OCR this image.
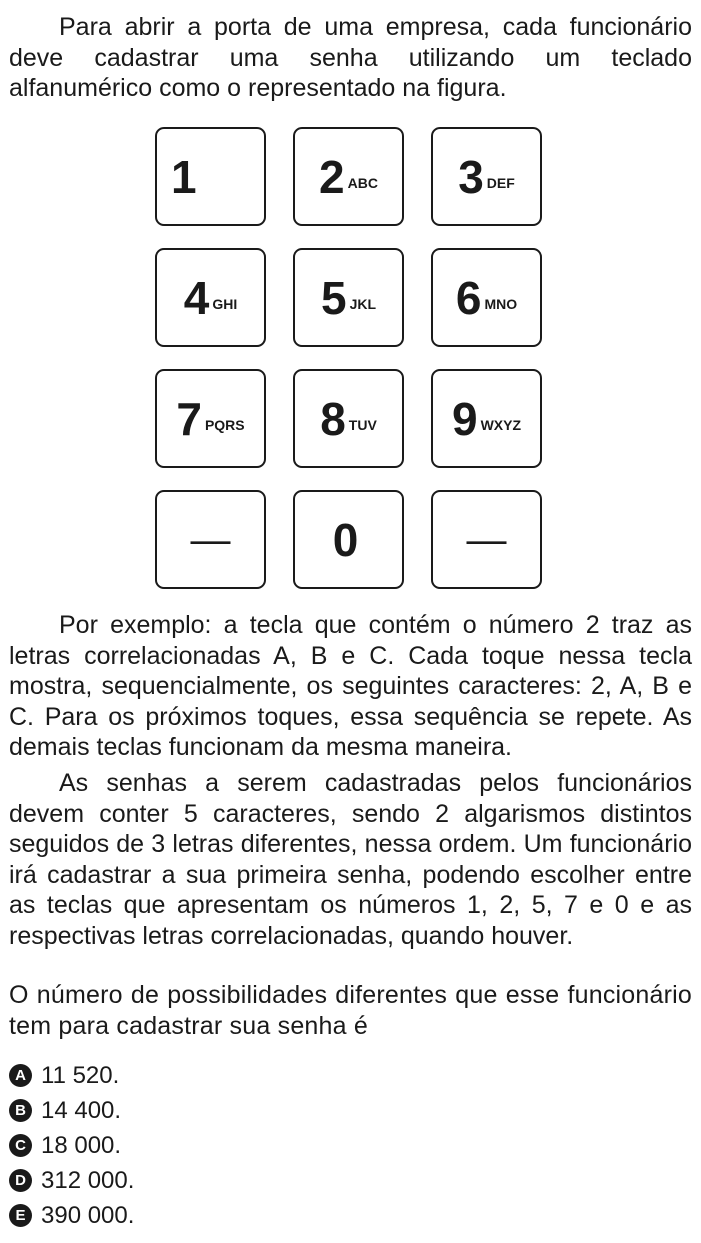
Para abrir a porta de uma empresa, cada funcionário deve cadastrar uma senha utilizando um teclado alfanumérico como o representado na figura.

1	2 ABC 3 DEF
4 GHI 5 JKL 6 MNO
7 PQRS 8 TUV 9 WXYZ
— 0	—

Por exemplo: a tecla que contém o número 2 traz as letras correlacionadas A, B e C. Cada toque nessa tecla mostra, sequencialmente, os seguintes caracteres: 2, A, B e C. Para os próximos toques, essa sequência se repete. As demais teclas funcionam da mesma maneira.

As senhas a serem cadastradas pelos funcionários devem conter 5 caracteres, sendo 2 algarismos distintos seguidos de 3 letras diferentes, nessa ordem. Um funcionário irá cadastrar a sua primeira senha, podendo escolher entre as teclas que apresentam os números 1, 2, 5, 7 e 0 e as respectivas letras correlacionadas, quando houver.

O número de possibilidades diferentes que esse funcionário tem para cadastrar sua senha é

A 11 520.
B 14 400.
C 18 000.
D 312 000.
E 390 000.
